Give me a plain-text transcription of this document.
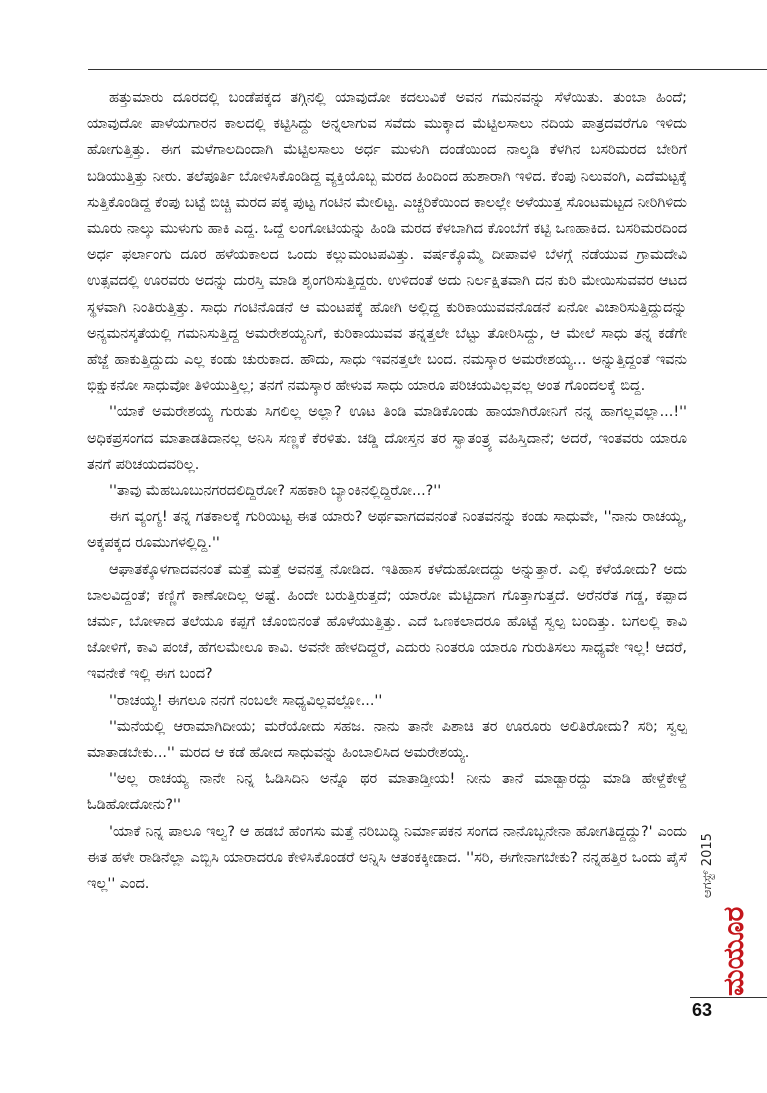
ಹತ್ತುಮಾರು ದೂರದಲ್ಲಿ ಬಂಡೆಪಕ್ಕದ ತಗ್ಗಿನಲ್ಲಿ ಯಾವುದೋ ಕದಲುವಿಕೆ ಅವನ ಗಮನವನ್ನು ಸೆಳೆಯಿತು. ತುಂಬಾ ಹಿಂದೆ; ಯಾವುದೋ ಪಾಳೆಯಗಾರನ ಕಾಲದಲ್ಲಿ ಕಟ್ಟಿಸಿದ್ದು ಅನ್ನಲಾಗುವ ಸವೆದು ಮುಕ್ಕಾದ ಮೆಟ್ಟಿಲಸಾಲು ನದಿಯ ಪಾತ್ರದವರೆಗೂ ಇಳಿದು ಹೋಗುತ್ತಿತ್ತು. ಈಗ ಮಳೆಗಾಲದಿಂದಾಗಿ ಮೆಟ್ಟಿಲಸಾಲು ಅರ್ಧ ಮುಳುಗಿ ದಂಡೆಯಿಂದ ನಾಲ್ಕಡಿ ಕೆಳಗಿನ ಬಸರಿಮರದ ಬೇರಿಗೆ ಬಡಿಯುತ್ತಿತ್ತು ನೀರು. ತಲೆಪೂರ್ತಿ ಬೋಳಿಸಿಕೊಂಡಿದ್ದ ವ್ಯಕ್ತಿಯೊಬ್ಬ ಮರದ ಹಿಂದಿಂದ ಹುಶಾರಾಗಿ ಇಳಿದ. ಕೆಂಪು ನಿಲುವಂಗಿ, ಎದೆಮಟ್ಟಕ್ಕೆ ಸುತ್ತಿಕೊಂಡಿದ್ದ ಕೆಂಪು ಬಟ್ಟೆ ಬಿಚ್ಚಿ ಮರದ ಪಕ್ಕ ಪುಟ್ಟ ಗಂಟಿನ ಮೇಲಿಟ್ಟ. ಎಚ್ಚರಿಕೆಯಿಂದ ಕಾಲಲ್ಲೇ ಅಳೆಯುತ್ತ ಸೊಂಟಮಟ್ಟದ ನೀರಿಗಿಳಿದು ಮೂರು ನಾಲ್ಕು ಮುಳುಗು ಹಾಕಿ ಎದ್ದ. ಒದ್ದೆ ಲಂಗೋಟಿಯನ್ನು ಹಿಂಡಿ ಮರದ ಕೆಳಬಾಗಿದ ಕೊಂಬೆಗೆ ಕಟ್ಟಿ ಒಣಹಾಕಿದ. ಬಸರಿಮರದಿಂದ ಅರ್ಧ ಫರ್ಲಾಂಗು ದೂರ ಹಳೆಯಕಾಲದ ಒಂದು ಕಲ್ಲುಮಂಟಪವಿತ್ತು. ವರ್ಷಕ್ಕೊಮ್ಮೆ ದೀಪಾವಳಿ ಬೆಳಗ್ಗೆ ನಡೆಯುವ ಗ್ರಾಮದೇವಿ ಉತ್ಸವದಲ್ಲಿ ಊರವರು ಅದನ್ನು ದುರಸ್ತಿ ಮಾಡಿ ಶೃಂಗರಿಸುತ್ತಿದ್ದರು. ಉಳಿದಂತೆ ಅದು ನಿರ್ಲಕ್ಷಿತವಾಗಿ ದನ ಕುರಿ ಮೇಯಿಸುವವರ ಆಟದ ಸ್ಥಳವಾಗಿ ನಿಂತಿರುತ್ತಿತ್ತು. ಸಾಧು ಗಂಟಿನೊಡನೆ ಆ ಮಂಟಪಕ್ಕೆ ಹೋಗಿ ಅಲ್ಲಿದ್ದ ಕುರಿಕಾಯುವವನೊಡನೆ ಏನೋ ವಿಚಾರಿಸುತ್ತಿದ್ದುದನ್ನು ಅನ್ಯಮನಸ್ಕತೆಯಲ್ಲಿ ಗಮನಿಸುತ್ತಿದ್ದ ಅಮರೇಶಯ್ಯನಿಗೆ, ಕುರಿಕಾಯುವವ ತನ್ನತ್ತಲೇ ಬೆಟ್ಟು ತೋರಿಸಿದ್ದು, ಆ ಮೇಲೆ ಸಾಧು ತನ್ನ ಕಡೆಗೇ ಹೆಜ್ಜೆ ಹಾಕುತ್ತಿದ್ದುದು ಎಲ್ಲ ಕಂಡು ಚುರುಕಾದ. ಹೌದು, ಸಾಧು ಇವನತ್ತಲೇ ಬಂದ. ನಮಸ್ಕಾರ ಅಮರೇಶಯ್ಯ... ಅನ್ನುತ್ತಿದ್ದಂತೆ ಇವನು ಭಿಕ್ಷುಕನೋ ಸಾಧುವೋ ತಿಳಿಯುತ್ತಿಲ್ಲ; ತನಗೆ ನಮಸ್ಕಾರ ಹೇಳುವ ಸಾಧು ಯಾರೂ ಪರಿಚಯವಿಲ್ಲವಲ್ಲ ಅಂತ ಗೊಂದಲಕ್ಕೆ ಬಿದ್ದ.

''ಯಾಕೆ ಅಮರೇಶಯ್ಯ ಗುರುತು ಸಿಗಲಿಲ್ಲ ಅಲ್ಲಾ? ಊಟ ತಿಂಡಿ ಮಾಡಿಕೊಂಡು ಹಾಯಾಗಿರೋನಿಗೆ ನನ್ನ ಹಾಗಲ್ಲವಲ್ಲಾ...!'' ಅಧಿಕಪ್ರಸಂಗದ ಮಾತಾಡತಿದಾನಲ್ಲ ಅನಿಸಿ ಸಣ್ಣಕೆ ಕೆರಳಿತು. ಚಡ್ಡಿ ದೋಸ್ತನ ತರ ಸ್ವಾತಂತ್ರ್ಯ ವಹಿಸ್ತಿದಾನೆ; ಅದರೆ, ಇಂತವರು ಯಾರೂ ತನಗೆ ಪರಿಚಯದವರಿಲ್ಲ.

''ತಾವು ಮೆಹಬೂಬುನಗರದಲಿದ್ದಿರೋ? ಸಹಕಾರಿ ಬ್ಯಾಂಕಿನಲ್ಲಿದ್ದಿರೋ...?''

ಈಗ ವ್ಯಂಗ್ಯ! ತನ್ನ ಗತಕಾಲಕ್ಕೆ ಗುರಿಯಿಟ್ಟ ಈತ ಯಾರು? ಅರ್ಥವಾಗದವನಂತೆ ನಿಂತವನನ್ನು ಕಂಡು ಸಾಧುವೇ, ''ನಾನು ರಾಚಯ್ಯ, ಅಕ್ಕಪಕ್ಕದ ರೂಮುಗಳಲ್ಲಿದ್ದಿ.''

ಆಘಾತಕ್ಕೊಳಗಾದವನಂತೆ ಮತ್ತೆ ಮತ್ತೆ ಅವನತ್ತ ನೋಡಿದ. ಇತಿಹಾಸ ಕಳೆದುಹೋದದ್ದು ಅನ್ನುತ್ತಾರೆ. ಎಲ್ಲಿ ಕಳೆಯೋದು? ಅದು ಬಾಲವಿದ್ದಂತೆ; ಕಣ್ಣಿಗೆ ಕಾಣೋದಿಲ್ಲ ಅಷ್ಟೆ. ಹಿಂದೇ ಬರುತ್ತಿರುತ್ತದೆ; ಯಾರೋ ಮೆಟ್ಟಿದಾಗ ಗೊತ್ತಾಗುತ್ತದೆ. ಅರೆನರೆತ ಗಡ್ಡ, ಕಪ್ಪಾದ ಚರ್ಮ, ಬೋಳಾದ ತಲೆಯೂ ಕಪ್ಪಗೆ ಚೊಂಬಿನಂತೆ ಹೊಳೆಯುತ್ತಿತ್ತು. ಎದೆ ಒಣಕಲಾದರೂ ಹೊಟ್ಟೆ ಸ್ವಲ್ಪ ಬಂದಿತ್ತು. ಬಗಲಲ್ಲಿ ಕಾವಿ ಜೋಳಿಗೆ, ಕಾವಿ ಪಂಚೆ, ಹೆಗಲಮೇಲೂ ಕಾವಿ. ಅವನೇ ಹೇಳದಿದ್ದರೆ, ಎದುರು ನಿಂತರೂ ಯಾರೂ ಗುರುತಿಸಲು ಸಾಧ್ಯವೇ ಇಲ್ಲ! ಆದರೆ, ಇವನೇಕೆ ಇಲ್ಲಿ ಈಗ ಬಂದ?

''ರಾಚಯ್ಯ! ಈಗಲೂ ನನಗೆ ನಂಬಲೇ ಸಾಧ್ಯವಿಲ್ಲವಲ್ಲೋ...''

''ಮನೆಯಲ್ಲಿ ಆರಾಮಾಗಿದೀಯ; ಮರೆಯೋದು ಸಹಜ. ನಾನು ತಾನೇ ಪಿಶಾಚಿ ತರ ಊರೂರು ಅಲಿತಿರೋದು? ಸರಿ; ಸ್ವಲ್ಪ ಮಾತಾಡಬೇಕು...'' ಮರದ ಆ ಕಡೆ ಹೋದ ಸಾಧುವನ್ನು ಹಿಂಬಾಲಿಸಿದ ಅಮರೇಶಯ್ಯ.

''ಅಲ್ಲ ರಾಚಯ್ಯ ನಾನೇ ನಿನ್ನ ಓಡಿಸಿದಿನಿ ಅನ್ನೊ ಥರ ಮಾತಾಡ್ತೀಯ! ನೀನು ತಾನೆ ಮಾಡ್ಬಾರದ್ದು ಮಾಡಿ ಹೇಳ್ದೆಕೇಳ್ದೆ ಓಡಿಹೋದೋನು?''

'ಯಾಕೆ ನಿನ್ನ ಪಾಲೂ ಇಲ್ವ? ಆ ಹಡಬೆ ಹೆಂಗಸು ಮತ್ತೆ ನರಿಬುದ್ಧಿ ನಿರ್ಮಾಪಕನ ಸಂಗದ ನಾನೊಬ್ಬನೇನಾ ಹೋಗತಿದ್ದದ್ದು?' ಎಂದು ಈತ ಹಳೇ ರಾಡಿನೆಲ್ಲಾ ಎಬ್ಬಿಸಿ ಯಾರಾದರೂ ಕೇಳಿಸಿಕೊಂಡರೆ ಅನ್ನಿಸಿ ಆತಂಕಕ್ಕೀಡಾದ. ''ಸರಿ, ಈಗೇನಾಗಬೇಕು? ನನ್ನಹತ್ತಿರ ಒಂದು ಪೈಸೆ ಇಲ್ಲ'' ಎಂದ.	ಆಗಸ್ಟ್ 2015
ಮಯೂರ
63
